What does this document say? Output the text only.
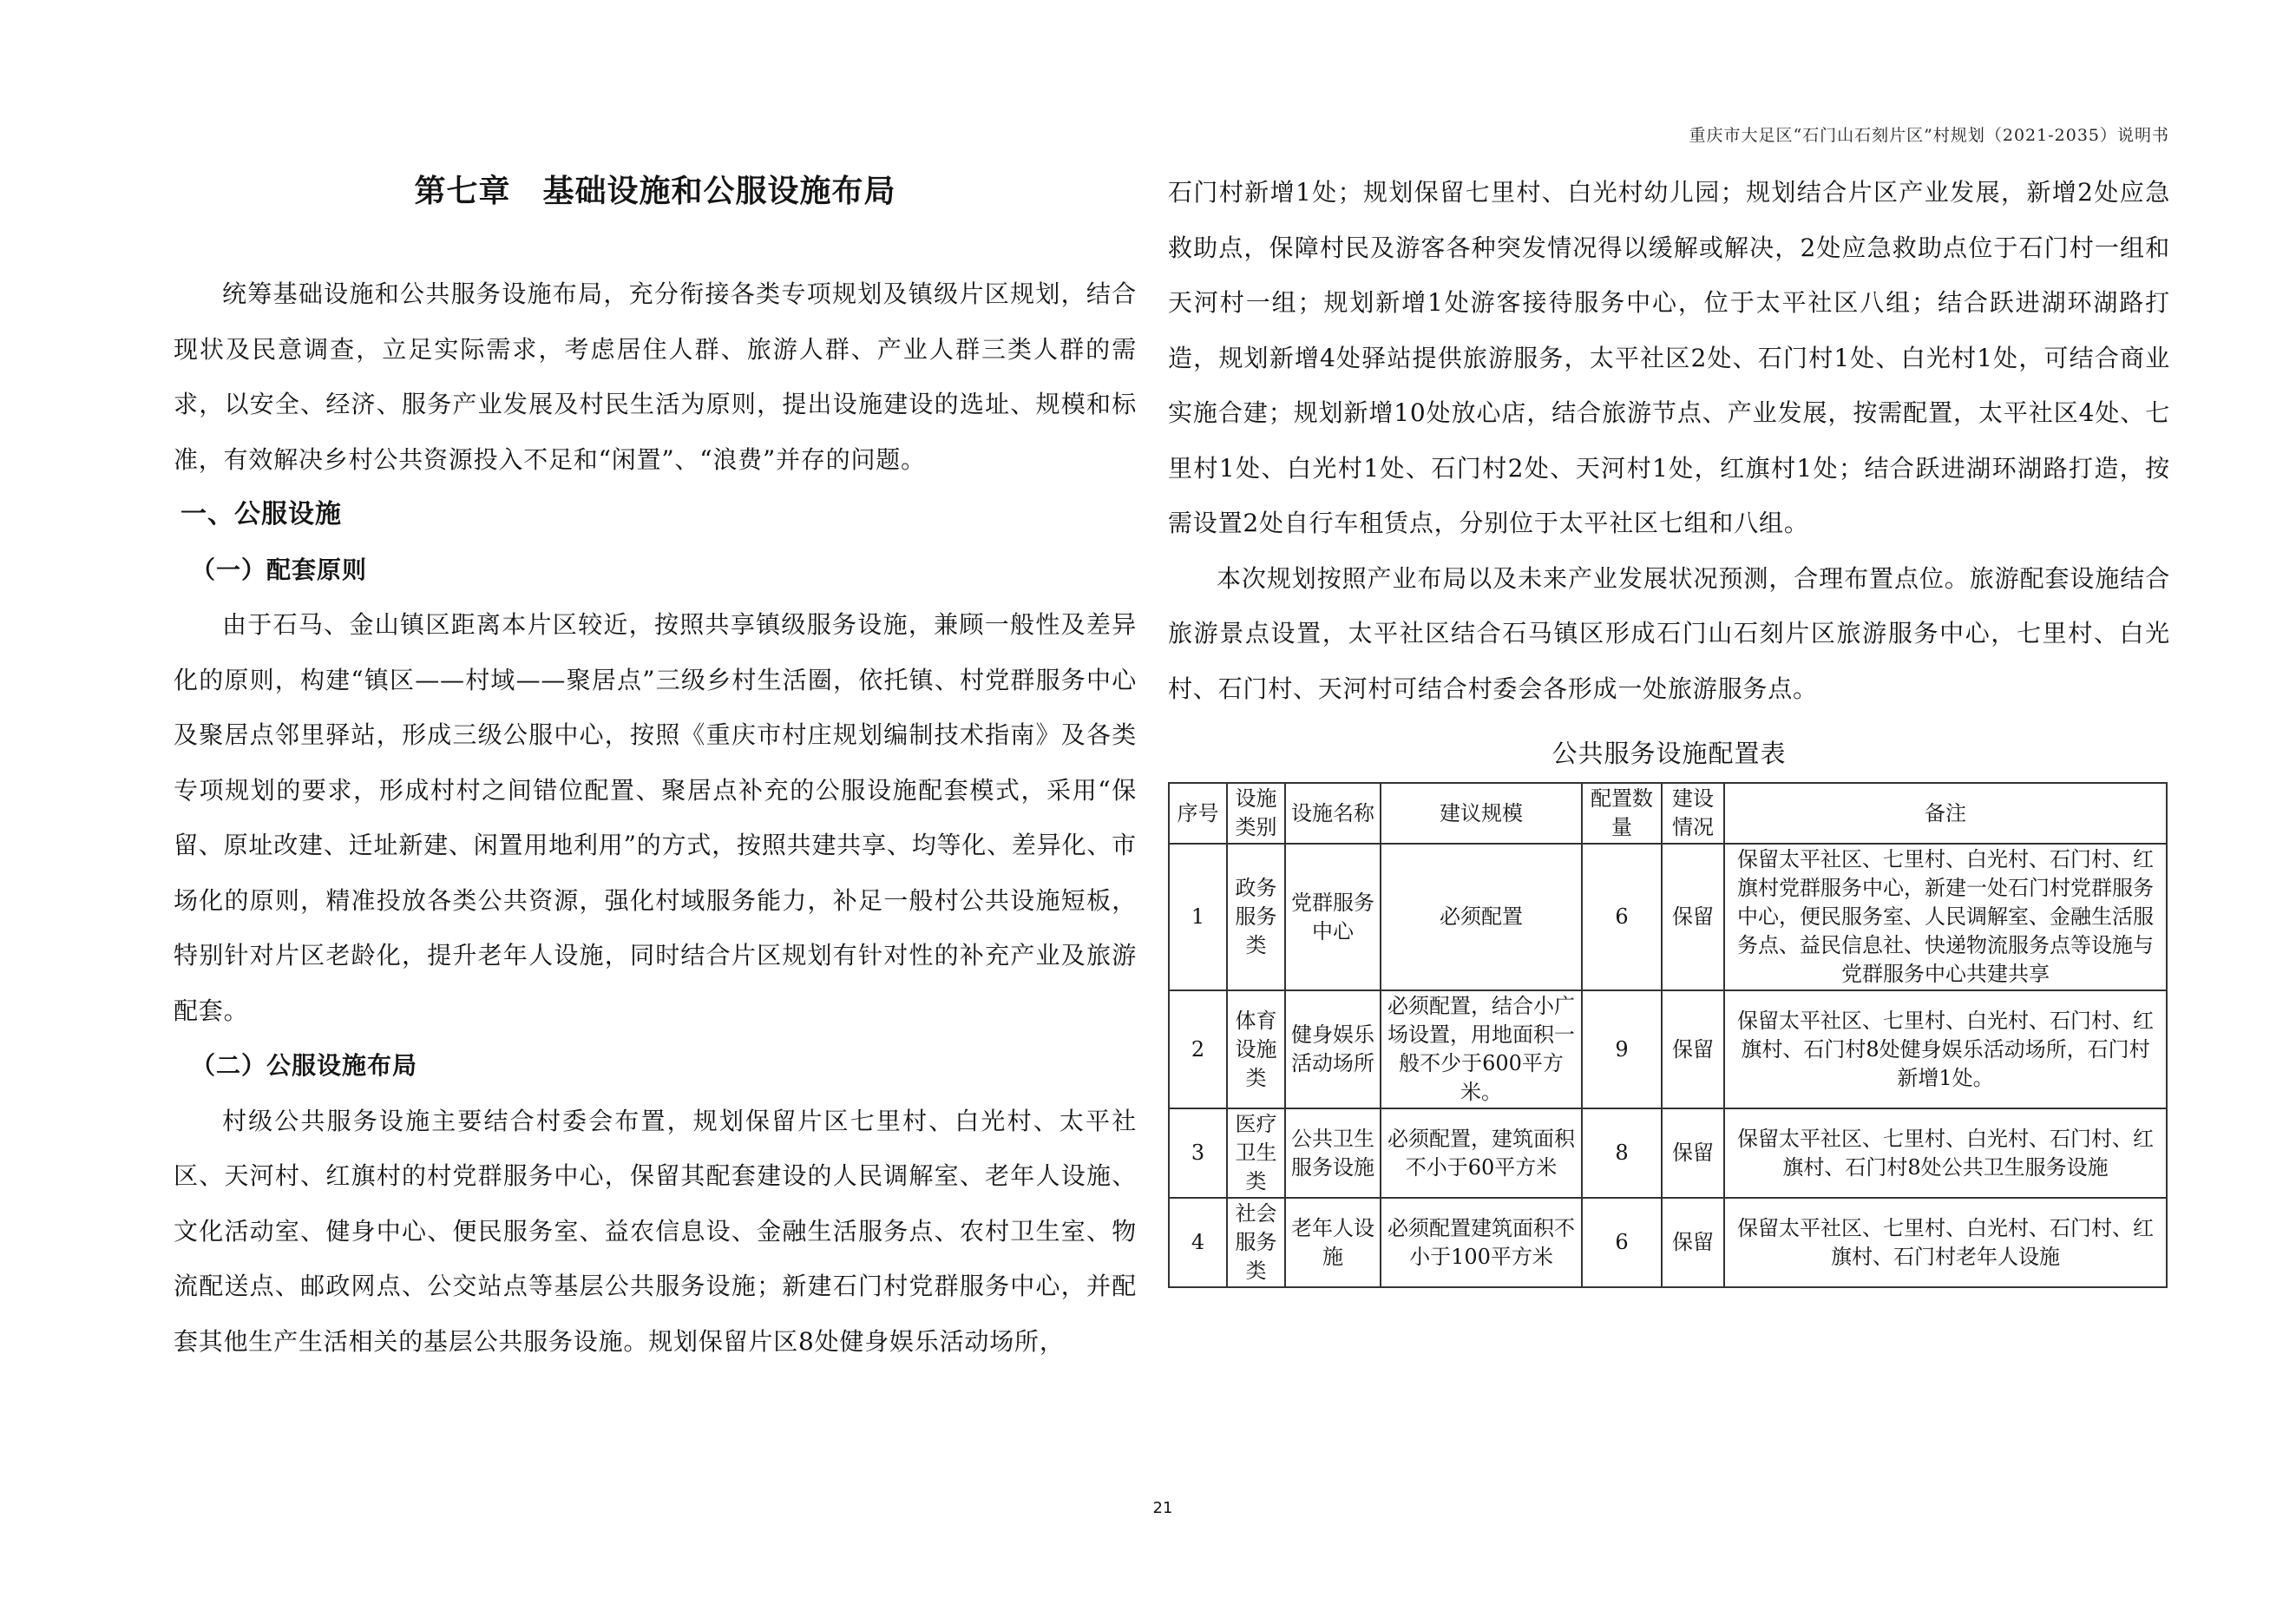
重庆市大足区“石门山石刻片区”村规划（2021-2035）说明书
第七章　基础设施和公服设施布局

统筹基础设施和公共服务设施布局，充分衔接各类专项规划及镇级片区规划，结合现状及民意调查，立足实际需求，考虑居住人群、旅游人群、产业人群三类人群的需求，以安全、经济、服务产业发展及村民生活为原则，提出设施建设的选址、规模和标准，有效解决乡村公共资源投入不足和“闲置”、“浪费”并存的问题。

一、公服设施
（一）配套原则

由于石马、金山镇区距离本片区较近，按照共享镇级服务设施，兼顾一般性及差异化的原则，构建“镇区——村域——聚居点”三级乡村生活圈，依托镇、村党群服务中心及聚居点邻里驿站，形成三级公服中心，按照《重庆市村庄规划编制技术指南》及各类专项规划的要求，形成村村之间错位配置、聚居点补充的公服设施配套模式，采用“保留、原址改建、迁址新建、闲置用地利用”的方式，按照共建共享、均等化、差异化、市场化的原则，精准投放各类公共资源，强化村域服务能力，补足一般村公共设施短板，特别针对片区老龄化，提升老年人设施，同时结合片区规划有针对性的补充产业及旅游配套。

（二）公服设施布局

村级公共服务设施主要结合村委会布置，规划保留片区七里村、白光村、太平社区、天河村、红旗村的村党群服务中心，保留其配套建设的人民调解室、老年人设施、文化活动室、健身中心、便民服务室、益农信息设、金融生活服务点、农村卫生室、物流配送点、邮政网点、公交站点等基层公共服务设施；新建石门村党群服务中心，并配套其他生产生活相关的基层公共服务设施。规划保留片区8处健身娱乐活动场所，

石门村新增1处；规划保留七里村、白光村幼儿园；规划结合片区产业发展，新增2处应急救助点，保障村民及游客各种突发情况得以缓解或解决，2处应急救助点位于石门村一组和天河村一组；规划新增1处游客接待服务中心，位于太平社区八组；结合跃进湖环湖路打造，规划新增4处驿站提供旅游服务，太平社区2处、石门村1处、白光村1处，可结合商业实施合建；规划新增10处放心店，结合旅游节点、产业发展，按需配置，太平社区4处、七里村1处、白光村1处、石门村2处、天河村1处，红旗村1处；结合跃进湖环湖路打造，按需设置2处自行车租赁点，分别位于太平社区七组和八组。

本次规划按照产业布局以及未来产业发展状况预测，合理布置点位。旅游配套设施结合旅游景点设置，太平社区结合石马镇区形成石门山石刻片区旅游服务中心，七里村、白光村、石门村、天河村可结合村委会各形成一处旅游服务点。

公共服务设施配置表
序号	设施类别	设施名称	建议规模	配置数量	建设情况	备注
1	政务服务类	党群服务中心	必须配置	6	保留	保留太平社区、七里村、白光村、石门村、红旗村党群服务中心，新建一处石门村党群服务中心，便民服务室、人民调解室、金融生活服务点、益民信息社、快递物流服务点等设施与党群服务中心共建共享
2	体育设施类	健身娱乐活动场所	必须配置，结合小广场设置，用地面积一般不少于600平方米。	9	保留	保留太平社区、七里村、白光村、石门村、红旗村、石门村8处健身娱乐活动场所，石门村新增1处。
3	医疗卫生类	公共卫生服务设施	必须配置，建筑面积不小于60平方米	8	保留	保留太平社区、七里村、白光村、石门村、红旗村、石门村8处公共卫生服务设施
4	社会服务类	老年人设施	必须配置建筑面积不小于100平方米	6	保留	保留太平社区、七里村、白光村、石门村、红旗村、石门村老年人设施
21
